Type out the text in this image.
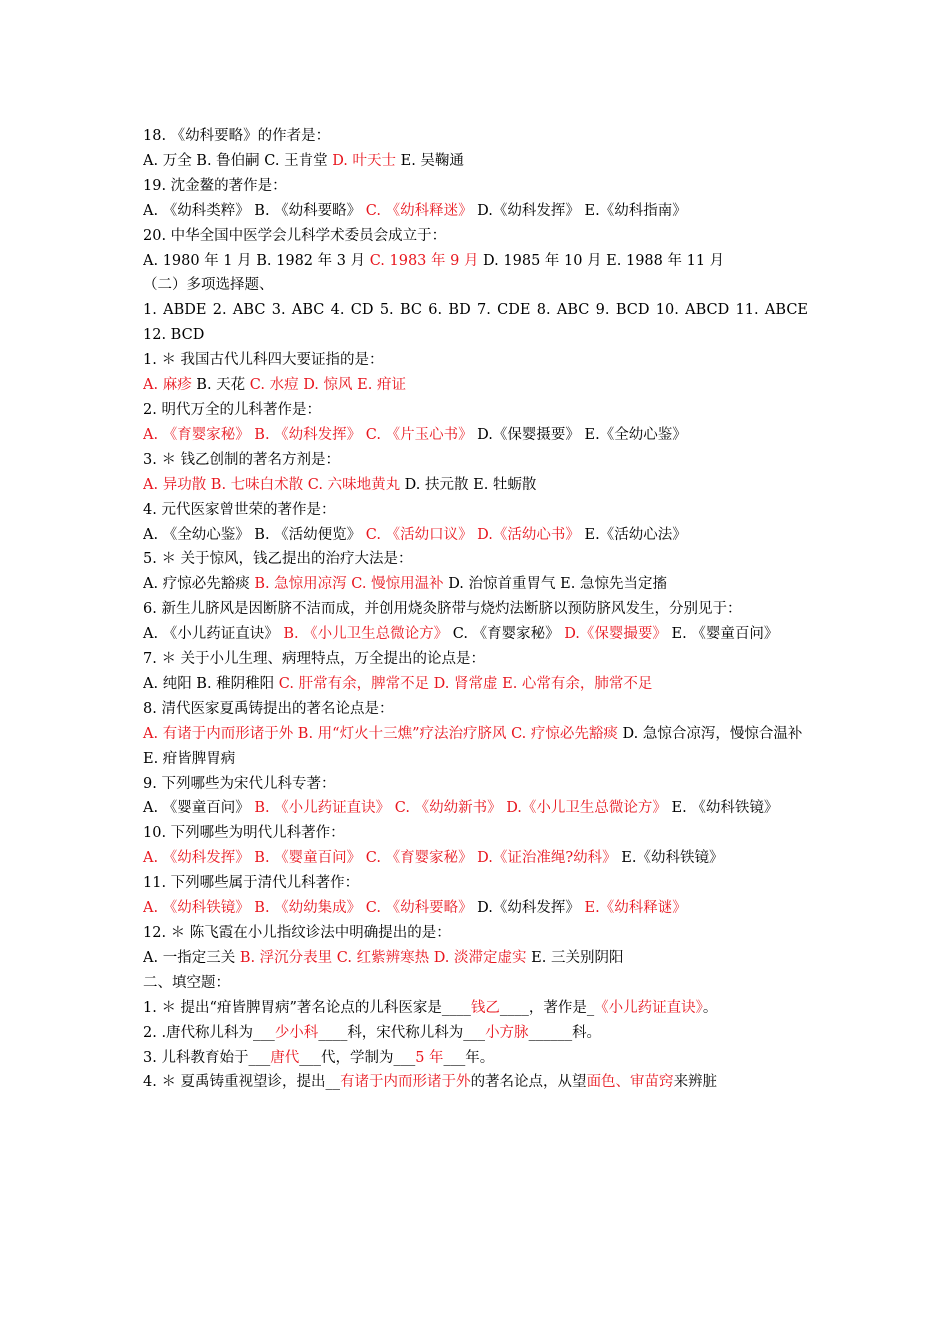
18. 《幼科要略》的作者是：
A. 万全 B. 鲁伯嗣 C. 王肯堂 D. 叶天士 E. 吴鞠通
19. 沈金鳌的著作是：
A. 《幼科类粹》 B. 《幼科要略》 C. 《幼科释迷》 D.《幼科发挥》 E.《幼科指南》
20. 中华全国中医学会儿科学术委员会成立于：
A. 1980 年 1 月 B. 1982 年 3 月 C. 1983 年 9 月 D. 1985 年 10 月 E. 1988 年 11 月
（二）多项选择题、
1. ABDE 2. ABC 3. ABC 4. CD 5. BC 6. BD 7. CDE 8. ABC 9. BCD 10. ABCD 11. ABCE
12. BCD
1. ＊ 我国古代儿科四大要证指的是：
A. 麻疹 B. 天花 C. 水痘 D. 惊风 E. 疳证
2. 明代万全的儿科著作是：
A. 《育婴家秘》 B. 《幼科发挥》 C. 《片玉心书》 D.《保婴摄要》 E.《全幼心鉴》
3. ＊ 钱乙创制的著名方剂是：
A. 异功散 B. 七味白术散 C. 六味地黄丸 D. 扶元散 E. 牡蛎散
4. 元代医家曾世荣的著作是：
A. 《全幼心鉴》 B. 《活幼便览》 C. 《活幼口议》 D.《活幼心书》 E.《活幼心法》
5. ＊ 关于惊风，钱乙提出的治疗大法是：
A. 疗惊必先豁痰 B. 急惊用凉泻 C. 慢惊用温补 D. 治惊首重胃气 E. 急惊先当定搐
6. 新生儿脐风是因断脐不洁而成，并创用烧灸脐带与烧灼法断脐以预防脐风发生，分别见于：
A. 《小儿药证直诀》 B. 《小儿卫生总微论方》 C. 《育婴家秘》 D.《保婴撮要》 E. 《婴童百问》
7. ＊ 关于小儿生理、病理特点，万全提出的论点是：
A. 纯阳 B. 稚阴稚阳 C. 肝常有余，脾常不足 D. 肾常虚 E. 心常有余，肺常不足
8. 清代医家夏禹铸提出的著名论点是：
A. 有诸于内而形诸于外 B. 用“灯火十三燋”疗法治疗脐风 C. 疗惊必先豁痰 D. 急惊合凉泻，慢惊合温补 E. 疳皆脾胃病
9. 下列哪些为宋代儿科专著：
A. 《婴童百问》 B. 《小儿药证直诀》 C. 《幼幼新书》 D.《小儿卫生总微论方》 E. 《幼科铁镜》
10. 下列哪些为明代儿科著作：
A. 《幼科发挥》 B. 《婴童百问》 C. 《育婴家秘》 D.《证治准绳?幼科》 E.《幼科铁镜》
11. 下列哪些属于清代儿科著作：
A. 《幼科铁镜》 B. 《幼幼集成》 C. 《幼科要略》 D.《幼科发挥》 E.《幼科释谜》
12. ＊ 陈飞霞在小儿指纹诊法中明确提出的是：
A. 一指定三关 B. 浮沉分表里 C. 红紫辨寒热 D. 淡滞定虚实 E. 三关别阴阳
二、填空题：
1. ＊ 提出“疳皆脾胃病”著名论点的儿科医家是____钱乙____，著作是_《小儿药证直诀》。
2. .唐代称儿科为___少小科____科，宋代称儿科为___小方脉______科。
3. 儿科教育始于___唐代___代，学制为___5 年___年。
4. ＊ 夏禹铸重视望诊，提出__有诸于内而形诸于外的著名论点，从望面色、审苗窍来辨脏
